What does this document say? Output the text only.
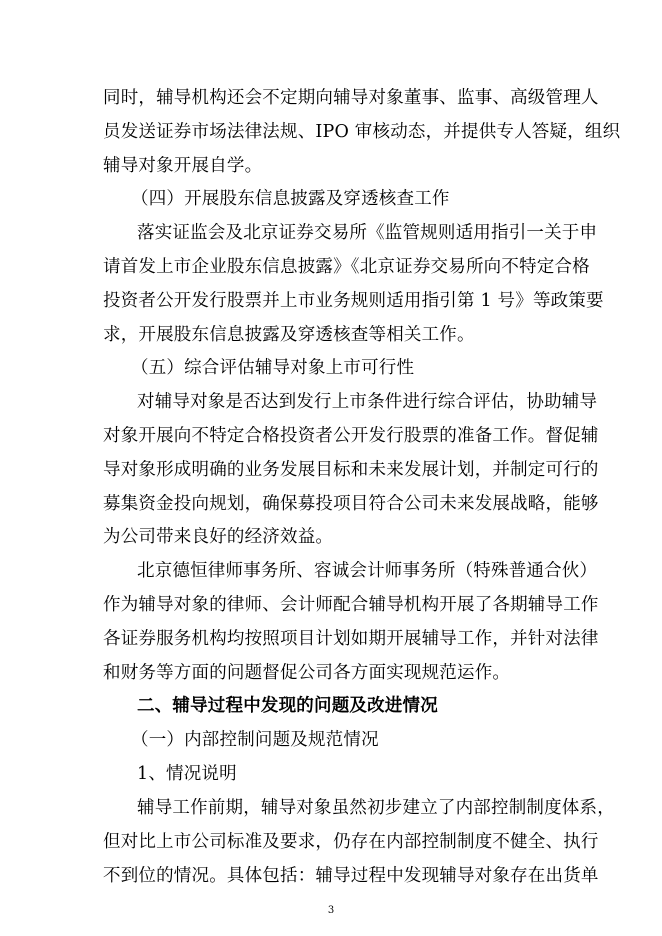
同时，辅导机构还会不定期向辅导对象董事、监事、高级管理人
员发送证券市场法律法规、IPO 审核动态，并提供专人答疑，组织
辅导对象开展自学。
（四）开展股东信息披露及穿透核查工作
落实证监会及北京证券交易所《监管规则适用指引一关于申
请首发上市企业股东信息披露》《北京证券交易所向不特定合格
投资者公开发行股票并上市业务规则适用指引第 1 号》等政策要
求，开展股东信息披露及穿透核查等相关工作。
（五）综合评估辅导对象上市可行性
对辅导对象是否达到发行上市条件进行综合评估，协助辅导
对象开展向不特定合格投资者公开发行股票的准备工作。督促辅
导对象形成明确的业务发展目标和未来发展计划，并制定可行的
募集资金投向规划，确保募投项目符合公司未来发展战略，能够
为公司带来良好的经济效益。
北京德恒律师事务所、容诚会计师事务所（特殊普通合伙）
作为辅导对象的律师、会计师配合辅导机构开展了各期辅导工作
各证券服务机构均按照项目计划如期开展辅导工作，并针对法律
和财务等方面的问题督促公司各方面实现规范运作。
二、辅导过程中发现的问题及改进情况
（一）内部控制问题及规范情况
1、情况说明
辅导工作前期，辅导对象虽然初步建立了内部控制制度体系，
但对比上市公司标准及要求，仍存在内部控制制度不健全、执行
3
不到位的情况。具体包括：辅导过程中发现辅导对象存在出货单
